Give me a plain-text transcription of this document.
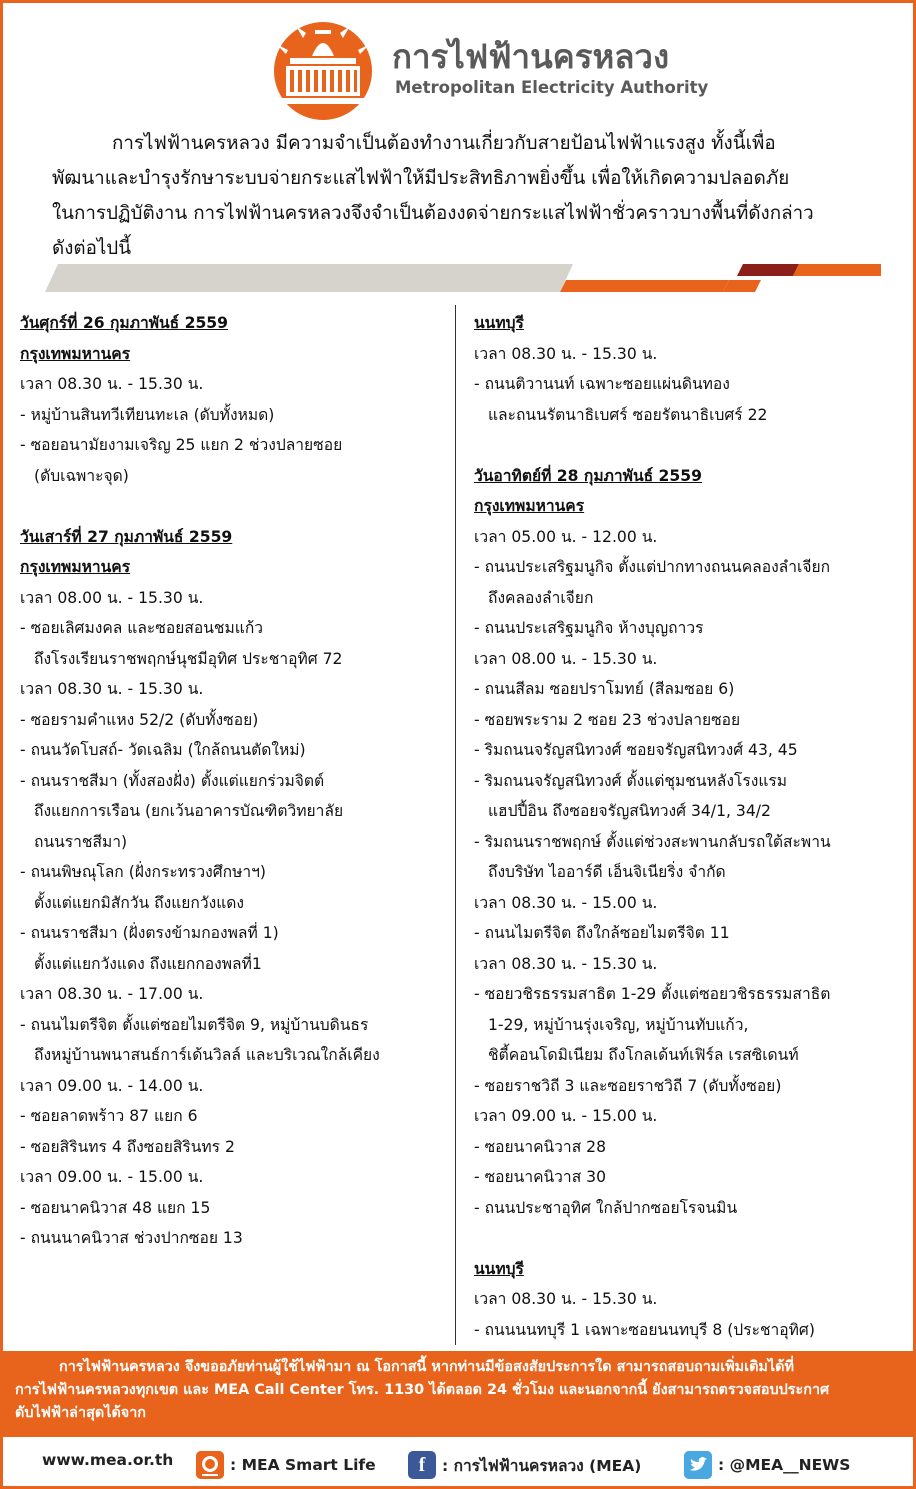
การไฟฟ้านครหลวง
Metropolitan Electricity Authority

การไฟฟ้านครหลวง มีความจำเป็นต้องทำงานเกี่ยวกับสายป้อนไฟฟ้าแรงสูง ทั้งนี้เพื่อ

พัฒนาและบำรุงรักษาระบบจ่ายกระแสไฟฟ้าให้มีประสิทธิภาพยิ่งขึ้น เพื่อให้เกิดความปลอดภัย

ในการปฏิบัติงาน การไฟฟ้านครหลวงจึงจำเป็นต้องงดจ่ายกระแสไฟฟ้าชั่วคราวบางพื้นที่ดังกล่าว

ดังต่อไปนี้

วันศุกร์ที่ 26 กุมภาพันธ์ 2559
กรุงเทพมหานคร
เวลา 08.30 น. - 15.30 น.
- หมู่บ้านสินทวีเทียนทะเล (ดับทั้งหมด)
- ซอยอนามัยงามเจริญ 25 แยก 2 ช่วงปลายซอย
(ดับเฉพาะจุด)
วันเสาร์ที่ 27 กุมภาพันธ์ 2559
กรุงเทพมหานคร
เวลา 08.00 น. - 15.30 น.
- ซอยเลิศมงคล และซอยสอนชมแก้ว
ถึงโรงเรียนราชพฤกษ์นุชมีอุทิศ ประชาอุทิศ 72
เวลา 08.30 น. - 15.30 น.
- ซอยรามคำแหง 52/2 (ดับทั้งซอย)
- ถนนวัดโบสถ์- วัดเฉลิม (ใกล้ถนนตัดใหม่)
- ถนนราชสีมา (ทั้งสองฝั่ง) ตั้งแต่แยกร่วมจิตต์
ถึงแยกการเรือน (ยกเว้นอาคารบัณฑิตวิทยาลัย
ถนนราชสีมา)
- ถนนพิษณุโลก (ฝั่งกระทรวงศึกษาฯ)
ตั้งแต่แยกมิสักวัน ถึงแยกวังแดง
- ถนนราชสีมา (ฝั่งตรงข้ามกองพลที่ 1)
ตั้งแต่แยกวังแดง ถึงแยกกองพลที่1
เวลา 08.30 น. - 17.00 น.
- ถนนไมตรีจิต ตั้งแต่ซอยไมตรีจิต 9, หมู่บ้านบดินธร
ถึงหมู่บ้านพนาสนธ์การ์เด้นวิลล์ และบริเวณใกล้เคียง
เวลา 09.00 น. - 14.00 น.
- ซอยลาดพร้าว 87 แยก 6
- ซอยสิรินทร 4 ถึงซอยสิรินทร 2
เวลา 09.00 น. - 15.00 น.
- ซอยนาคนิวาส 48 แยก 15
- ถนนนาคนิวาส ช่วงปากซอย 13
นนทบุรี
เวลา 08.30 น. - 15.30 น.
- ถนนติวานนท์ เฉพาะซอยแผ่นดินทอง
และถนนรัตนาธิเบศร์ ซอยรัตนาธิเบศร์ 22
วันอาทิตย์ที่ 28 กุมภาพันธ์ 2559
กรุงเทพมหานคร
เวลา 05.00 น. - 12.00 น.
- ถนนประเสริฐมนูกิจ ตั้งแต่ปากทางถนนคลองลำเจียก
ถึงคลองลำเจียก
- ถนนประเสริฐมนูกิจ ห้างบุญถาวร
เวลา 08.00 น. - 15.30 น.
- ถนนสีลม ซอยปราโมทย์ (สีลมซอย 6)
- ซอยพระราม 2 ซอย 23 ช่วงปลายซอย
- ริมถนนจรัญสนิทวงศ์ ซอยจรัญสนิทวงศ์ 43, 45
- ริมถนนจรัญสนิทวงศ์ ตั้งแต่ชุมชนหลังโรงแรม
แฮปปี้อิน ถึงซอยจรัญสนิทวงศ์ 34/1, 34/2
- ริมถนนราชพฤกษ์ ตั้งแต่ช่วงสะพานกลับรถใต้สะพาน
ถึงบริษัท ไออาร์ดี เอ็นจิเนียริ่ง จำกัด
เวลา 08.30 น. - 15.00 น.
- ถนนไมตรีจิต ถึงใกล้ซอยไมตรีจิต 11
เวลา 08.30 น. - 15.30 น.
- ซอยวชิรธรรมสาธิต 1-29 ตั้งแต่ซอยวชิรธรรมสาธิต
1-29, หมู่บ้านรุ่งเจริญ, หมู่บ้านทับแก้ว,
ชิตี้คอนโดมิเนียม ถึงโกลเด้นท์เฟิร์ล เรสซิเดนท์
- ซอยราชวิถี 3 และซอยราชวิถี 7 (ดับทั้งซอย)
เวลา 09.00 น. - 15.00 น.
- ซอยนาคนิวาส 28
- ซอยนาคนิวาส 30
- ถนนประชาอุทิศ ใกล้ปากซอยโรจนมิน
นนทบุรี
เวลา 08.30 น. - 15.30 น.
- ถนนนนทบุรี 1 เฉพาะซอยนนทบุรี 8 (ประชาอุทิศ)

การไฟฟ้านครหลวง จึงขออภัยท่านผู้ใช้ไฟฟ้ามา ณ โอกาสนี้ หากท่านมีข้อสงสัยประการใด สามารถสอบถามเพิ่มเติมได้ที่

การไฟฟ้านครหลวงทุกเขต และ MEA Call Center โทร. 1130 ได้ตลอด 24 ชั่วโมง และนอกจากนี้ ยังสามารถตรวจสอบประกาศ

ดับไฟฟ้าล่าสุดได้จาก

www.mea.or.th	: MEA Smart Life	f	: การไฟฟ้านครหลวง (MEA)	: @MEA__NEWS
